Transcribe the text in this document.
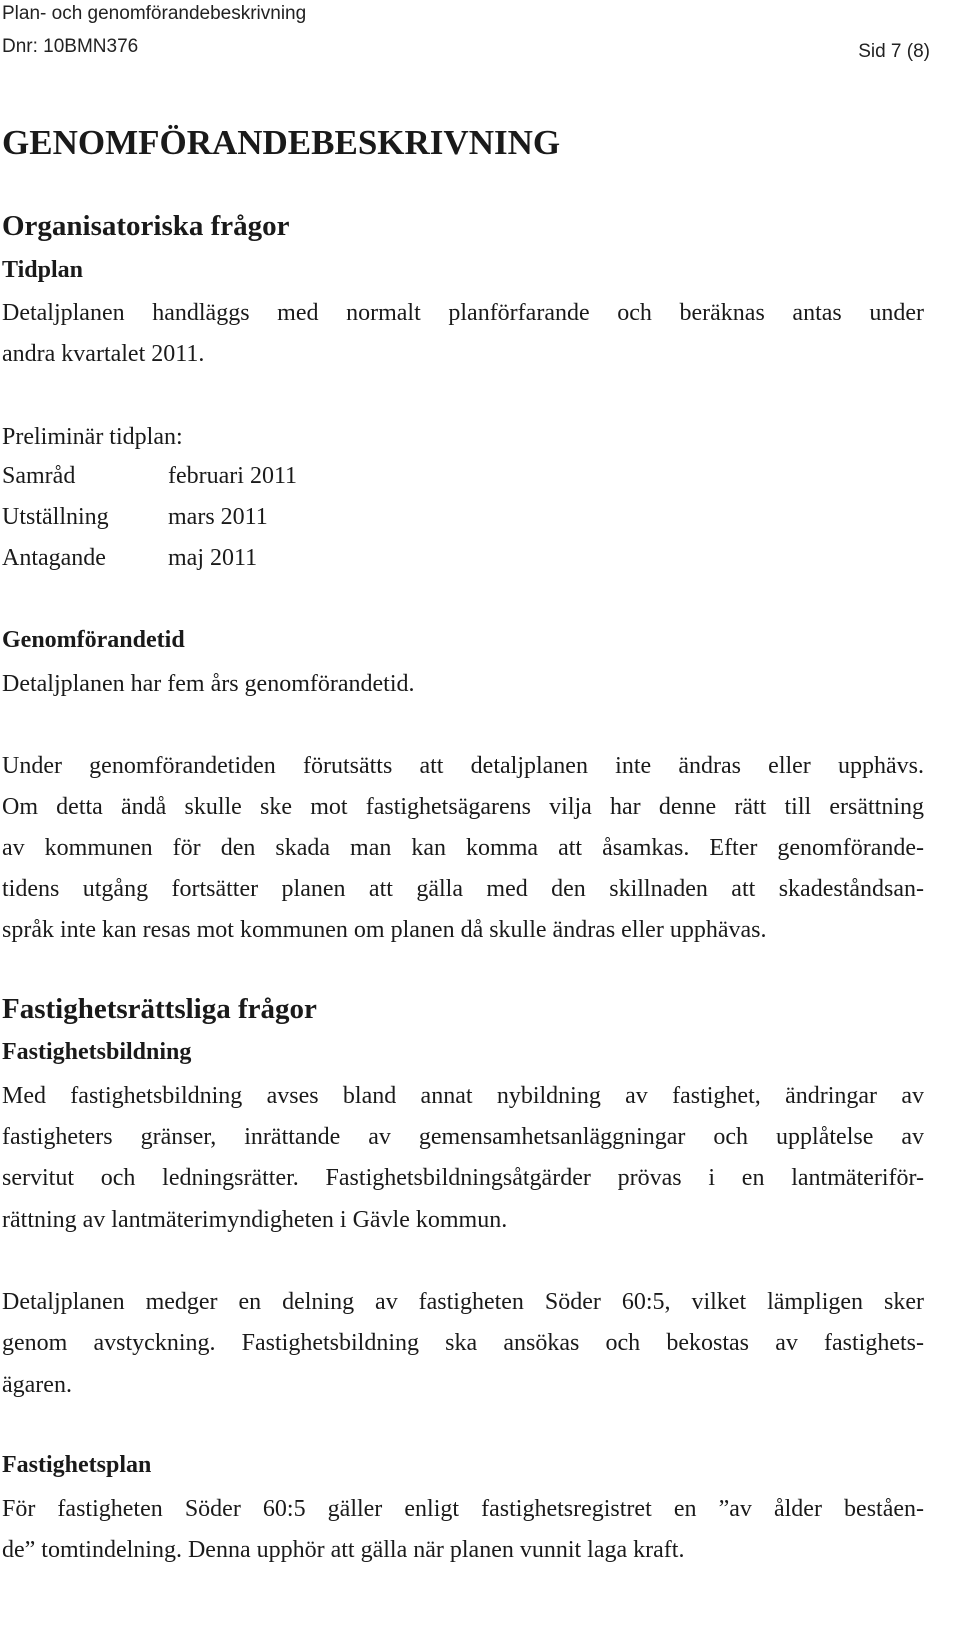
Plan- och genomförandebeskrivning
Dnr: 10BMN376	Sid 7 (8)
GENOMFÖRANDEBESKRIVNING
Organisatoriska frågor
Tidplan
Detaljplanen handläggs med normalt planförfarande och beräknas antas under
andra kvartalet 2011.
Preliminär tidplan:
Samråd	februari 2011
Utställning mars 2011
Antagande	maj 2011
Genomförandetid
Detaljplanen har fem års genomförandetid.
Under genomförandetiden förutsätts att detaljplanen inte ändras eller upphävs.
Om detta ändå skulle ske mot fastighetsägarens vilja har denne rätt till ersättning
av kommunen för den skada man kan komma att åsamkas. Efter genomförande-
tidens utgång fortsätter planen att gälla med den skillnaden att skadeståndsan-
språk inte kan resas mot kommunen om planen då skulle ändras eller upphävas.
Fastighetsrättsliga frågor
Fastighetsbildning
Med fastighetsbildning avses bland annat nybildning av fastighet, ändringar av
fastigheters gränser, inrättande av gemensamhetsanläggningar och upplåtelse av
servitut och ledningsrätter. Fastighetsbildningsåtgärder prövas i en lantmäteriför-
rättning av lantmäterimyndigheten i Gävle kommun.
Detaljplanen medger en delning av fastigheten Söder 60:5, vilket lämpligen sker
genom avstyckning. Fastighetsbildning ska ansökas och bekostas av fastighets-
ägaren.
Fastighetsplan
För fastigheten Söder 60:5 gäller enligt fastighetsregistret en ”av ålder beståen-
de” tomtindelning. Denna upphör att gälla när planen vunnit laga kraft.
